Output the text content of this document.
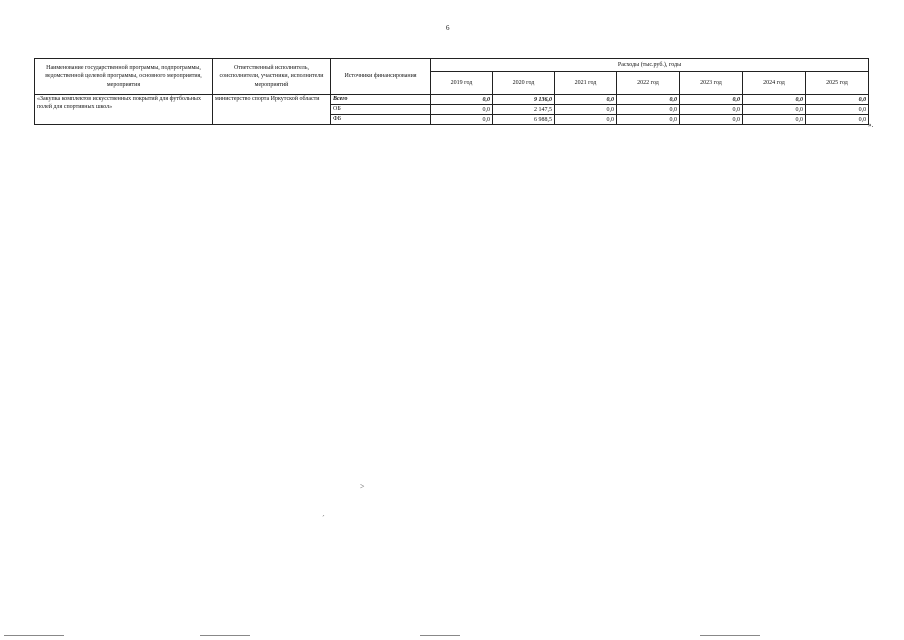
6
Наименование государственной программы, подпрограммы, ведомственной целевой программы, основного мероприятия, мероприятия	Ответственный исполнитель, соисполнители, участники, исполнители мероприятий	Источники финансирования	Расходы (тыс.руб.), годы						
			2019 год	2020 год	2021 год	2022 год	2023 год	2024 год	2025 год
«Закупка комплектов искусственных покрытий для футбольных полей для спортивных школ»	министерство спорта Иркутской области	Всего	0,0	9 136,0	0,0	0,0	0,0	0,0	0,0
		ОБ	0,0	2 147,5	0,0	0,0	0,0	0,0	0,0
		ФБ	0,0	6 988,5	0,0	0,0	0,0	0,0	0,0
».
˃
ˊ
